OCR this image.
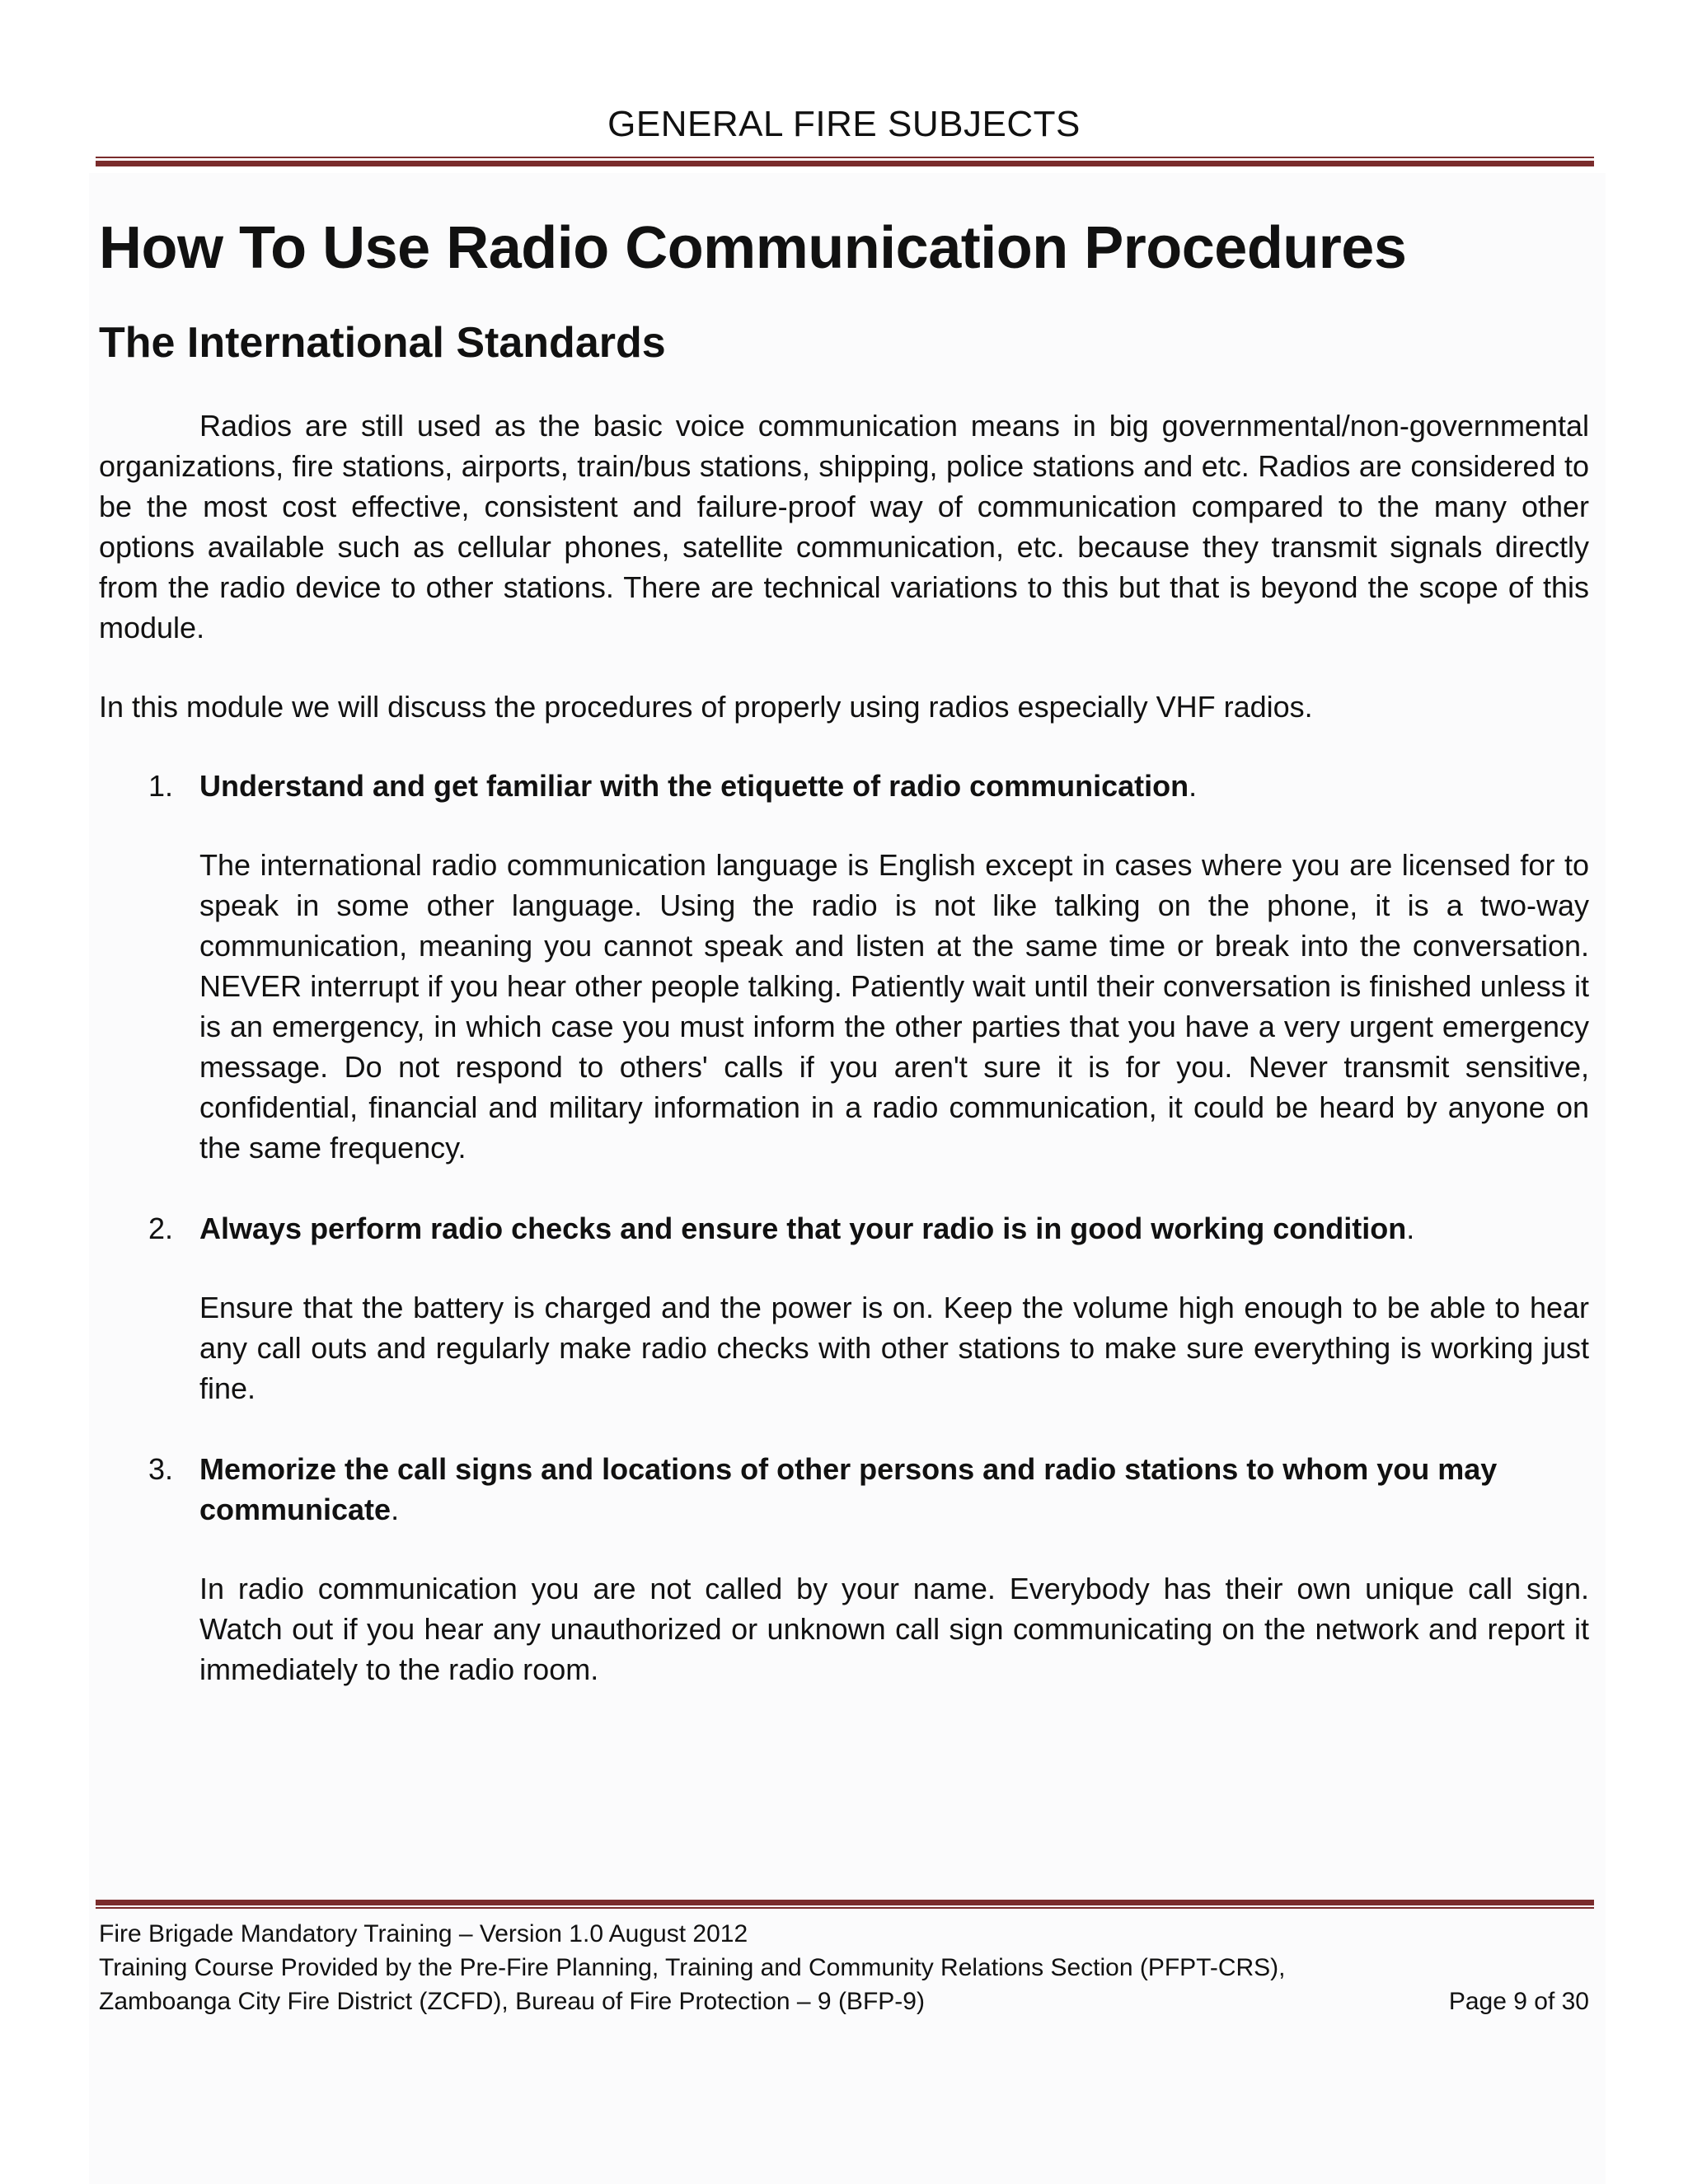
GENERAL FIRE SUBJECTS
How To Use Radio Communication Procedures
The International Standards

Radios are still used as the basic voice communication means in big governmental/non-governmental organizations, fire stations, airports, train/bus stations, shipping, police stations and etc. Radios are considered to be the most cost effective, consistent and failure-proof way of communication compared to the many other options available such as cellular phones, satellite communication, etc. because they transmit signals directly from the radio device to other stations. There are technical variations to this but that is beyond the scope of this module.

In this module we will discuss the procedures of properly using radios especially VHF radios.

1. Understand and get familiar with the etiquette of radio communication.

The international radio communication language is English except in cases where you are licensed for to speak in some other language. Using the radio is not like talking on the phone, it is a two-way communication, meaning you cannot speak and listen at the same time or break into the conversation. NEVER interrupt if you hear other people talking. Patiently wait until their conversation is finished unless it is an emergency, in which case you must inform the other parties that you have a very urgent emergency message. Do not respond to others' calls if you aren't sure it is for you. Never transmit sensitive, confidential, financial and military information in a radio communication, it could be heard by anyone on the same frequency.

2. Always perform radio checks and ensure that your radio is in good working condition.

Ensure that the battery is charged and the power is on. Keep the volume high enough to be able to hear any call outs and regularly make radio checks with other stations to make sure everything is working just fine.

3. Memorize the call signs and locations of other persons and radio stations to whom you may communicate.

In radio communication you are not called by your name. Everybody has their own unique call sign. Watch out if you hear any unauthorized or unknown call sign communicating on the network and report it immediately to the radio room.

Fire Brigade Mandatory Training – Version 1.0 August 2012
Training Course Provided by the Pre-Fire Planning, Training and Community Relations Section (PFPT-CRS),
Zamboanga City Fire District (ZCFD), Bureau of Fire Protection – 9 (BFP-9)	Page 9 of 30
